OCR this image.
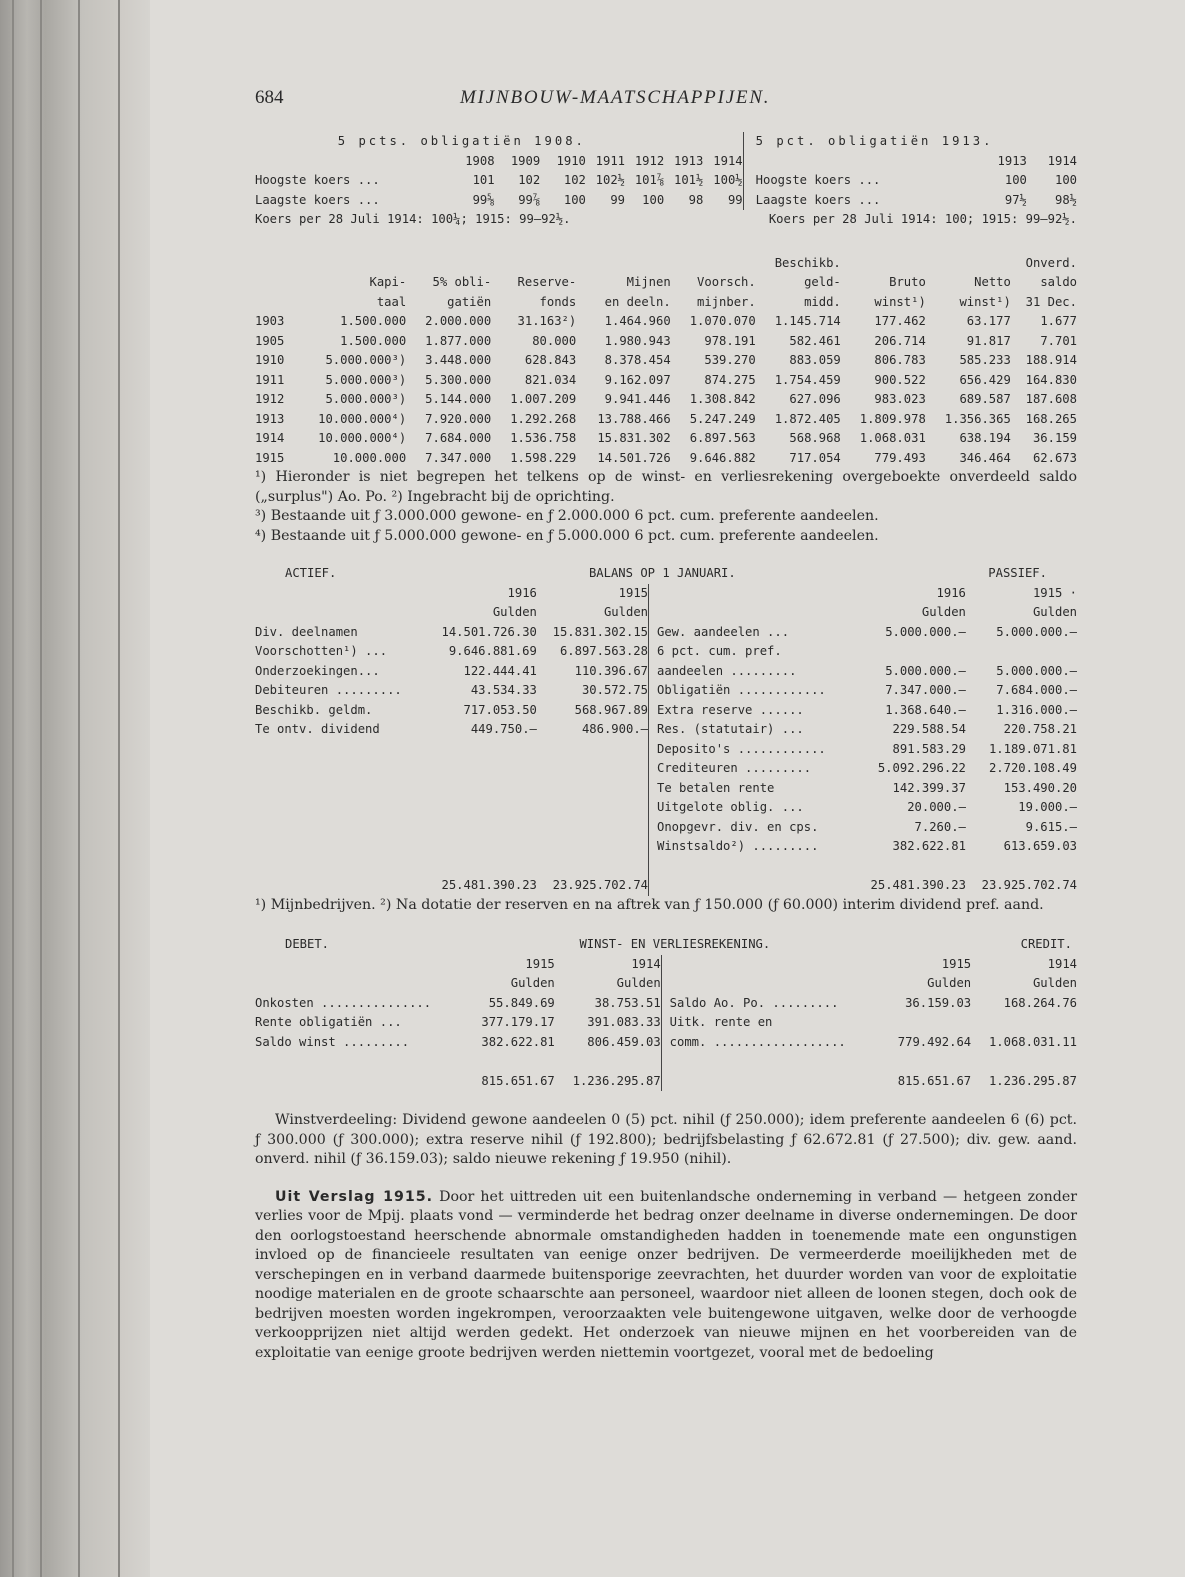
684	MIJNBOUW-MAATSCHAPPIJEN.
5 pcts. obligatiën 1908.								5 pct. obligatiën 1913.		
	1908	1909	1910	1911	1912	1913	1914		1913	1914
Hoogste koers ...	101	102	102	102½	101⅞	101½	100½	Hoogste koers ...	100	100
Laagste koers ...	99⅝	99⅞	100	99	100	98	99	Laagste koers ...	97½	98½
Koers per 28 Juli 1914: 100¼; 1915: 99—92½.	Koers per 28 Juli 1914: 100; 1915: 99—92½.
						Beschikb.			Onverd.
	Kapi-	5% obli-	Reserve-	Mijnen	Voorsch.	geld-	Bruto	Netto	saldo
	taal	gatiën	fonds	en deeln.	mijnber.	midd.	winst¹)	winst¹)	31 Dec.
1903	1.500.000	2.000.000	31.163²)	1.464.960	1.070.070	1.145.714	177.462	63.177	1.677
1905	1.500.000	1.877.000	80.000	1.980.943	978.191	582.461	206.714	91.817	7.701
1910	5.000.000³)	3.448.000	628.843	8.378.454	539.270	883.059	806.783	585.233	188.914
1911	5.000.000³)	5.300.000	821.034	9.162.097	874.275	1.754.459	900.522	656.429	164.830
1912	5.000.000³)	5.144.000	1.007.209	9.941.446	1.308.842	627.096	983.023	689.587	187.608
1913	10.000.000⁴)	7.920.000	1.292.268	13.788.466	5.247.249	1.872.405	1.809.978	1.356.365	168.265
1914	10.000.000⁴)	7.684.000	1.536.758	15.831.302	6.897.563	568.968	1.068.031	638.194	36.159
1915	10.000.000	7.347.000	1.598.229	14.501.726	9.646.882	717.054	779.493	346.464	62.673

¹) Hieronder is niet begrepen het telkens op de winst- en verliesrekening overgeboekte onverdeeld saldo („surplus") Ao. Po. ²) Ingebracht bij de oprichting.

³) Bestaande uit ƒ 3.000.000 gewone- en ƒ 2.000.000 6 pct. cum. preferente aandeelen.

⁴) Bestaande uit ƒ 5.000.000 gewone- en ƒ 5.000.000 6 pct. cum. preferente aandeelen.

ACTIEF.	BALANS OP 1 JANUARI.	PASSIEF.
	1916	1915		1916	1915 ·
	Gulden	Gulden		Gulden	Gulden
Div. deelnamen	14.501.726.30	15.831.302.15	Gew. aandeelen ...	5.000.000.—	5.000.000.—
Voorschotten¹) ...	9.646.881.69	6.897.563.28	6 pct. cum. pref.		
Onderzoekingen...	122.444.41	110.396.67	aandeelen .........	5.000.000.—	5.000.000.—
Debiteuren .........	43.534.33	30.572.75	Obligatiën ............	7.347.000.—	7.684.000.—
Beschikb. geldm.	717.053.50	568.967.89	Extra reserve ......	1.368.640.—	1.316.000.—
Te ontv. dividend	449.750.—	486.900.—	Res. (statutair) ...	229.588.54	220.758.21
			Deposito's ............	891.583.29	1.189.071.81
			Crediteuren .........	5.092.296.22	2.720.108.49
			Te betalen rente	142.399.37	153.490.20
			Uitgelote oblig. ...	20.000.—	19.000.—
			Onopgevr. div. en cps.	7.260.—	9.615.—
			Winstsaldo²) .........	382.622.81	613.659.03

	25.481.390.23	23.925.702.74		25.481.390.23	23.925.702.74
¹) Mijnbedrijven. ²) Na dotatie der reserven en na aftrek van ƒ 150.000 (ƒ 60.000) interim dividend pref. aand.
DEBET.	WINST- EN VERLIESREKENING.	CREDIT.
	1915	1914		1915	1914
	Gulden	Gulden		Gulden	Gulden
Onkosten ...............	55.849.69	38.753.51	Saldo Ao. Po. .........	36.159.03	168.264.76
Rente obligatiën ...	377.179.17	391.083.33	Uitk. rente en		
Saldo winst .........	382.622.81	806.459.03	comm. ..................	779.492.64	1.068.031.11

	815.651.67	1.236.295.87		815.651.67	1.236.295.87

Winstverdeeling: Dividend gewone aandeelen 0 (5) pct. nihil (ƒ 250.000); idem preferente aandeelen 6 (6) pct. ƒ 300.000 (ƒ 300.000); extra reserve nihil (ƒ 192.800); bedrijfsbelasting ƒ 62.672.81 (ƒ 27.500); div. gew. aand. onverd. nihil (ƒ 36.159.03); saldo nieuwe rekening ƒ 19.950 (nihil).

Uit Verslag 1915. Door het uittreden uit een buitenlandsche onderneming in verband — hetgeen zonder verlies voor de Mpij. plaats vond — verminderde het bedrag onzer deelname in diverse ondernemingen. De door den oorlogstoestand heerschende abnormale omstandigheden hadden in toenemende mate een ongunstigen invloed op de financieele resultaten van eenige onzer bedrijven. De vermeerderde moeilijkheden met de verschepingen en in verband daarmede buitensporige zeevrachten, het duurder worden van voor de exploitatie noodige materialen en de groote schaarschte aan personeel, waardoor niet alleen de loonen stegen, doch ook de bedrijven moesten worden ingekrompen, veroorzaakten vele buitengewone uitgaven, welke door de verhoogde verkoopprijzen niet altijd werden gedekt. Het onderzoek van nieuwe mijnen en het voorbereiden van de exploitatie van eenige groote bedrijven werden niettemin voortgezet, vooral met de bedoeling
